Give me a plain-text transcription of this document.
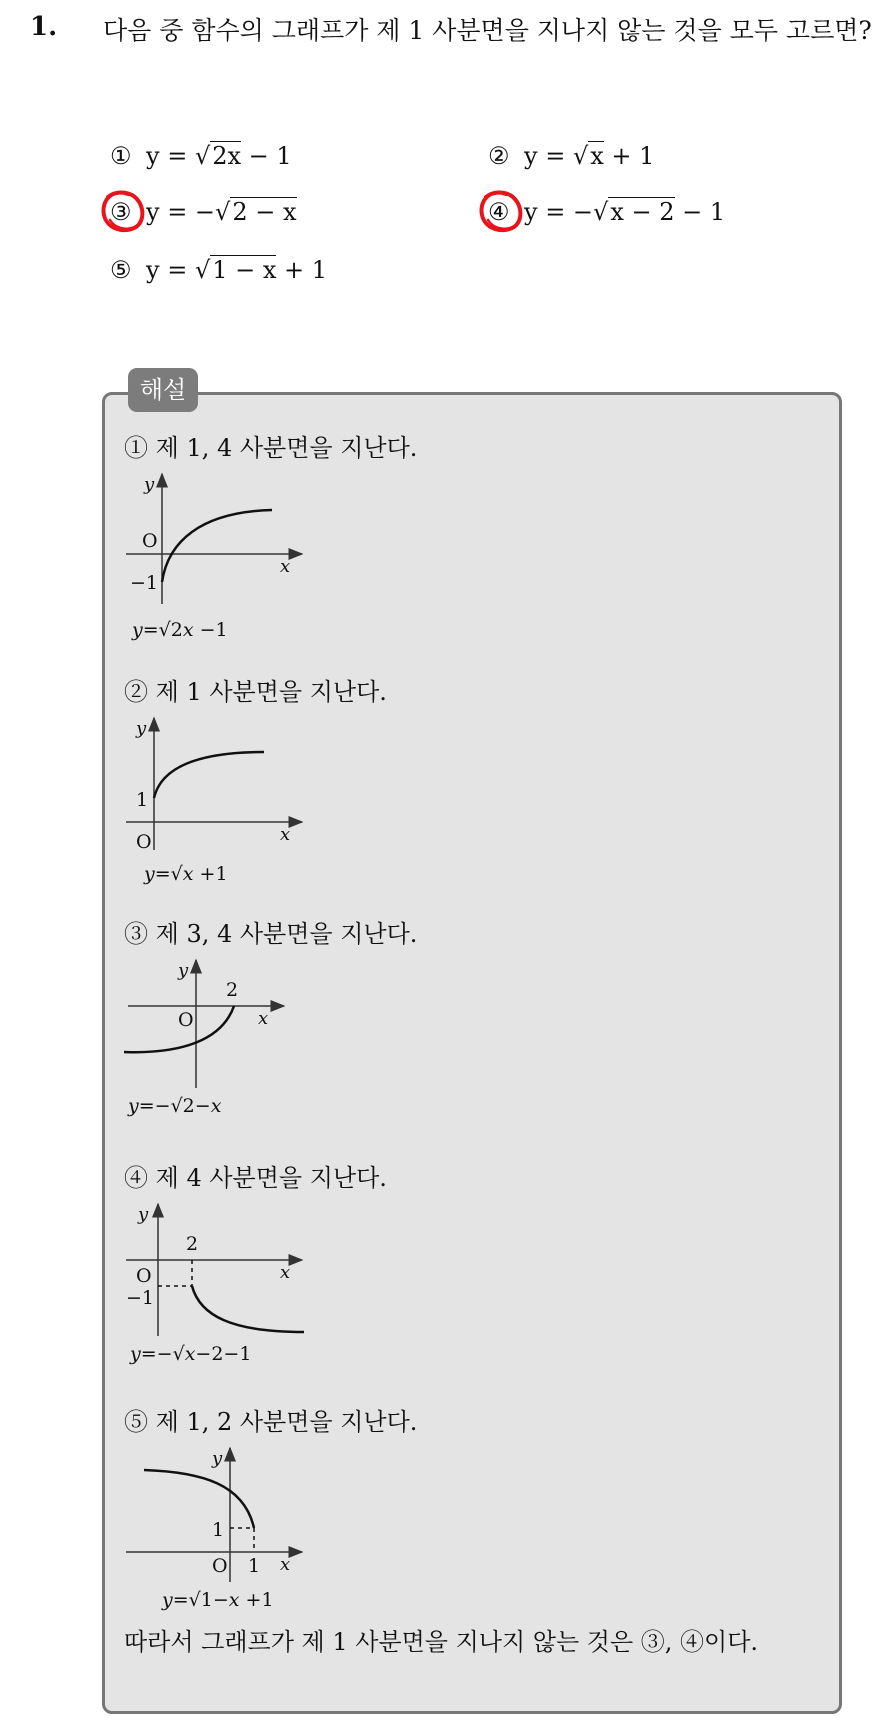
1. 다음 중 함수의 그래프가 제 1 사분면을 지나지 않는 것을 모두 고르면?
① y = √2x − 1	② y = √x + 1
③ y = −√2 − x	④ y = −√x − 2 − 1
⑤ y = √1 − x + 1
해설
① 제 1, 4 사분면을 지난다.
y
x
O
−1
y=√2x −1
② 제 1 사분면을 지난다.
y
x
O
1
y=√x +1
③ 제 3, 4 사분면을 지난다.
y
x
O
2
y=−√2−x
④ 제 4 사분면을 지난다.
y
x
O
2
−1
y=−√x−2−1
⑤ 제 1, 2 사분면을 지난다.
y
x
O
1
1
y=√1−x +1
따라서 그래프가 제 1 사분면을 지나지 않는 것은 ③, ④이다.
